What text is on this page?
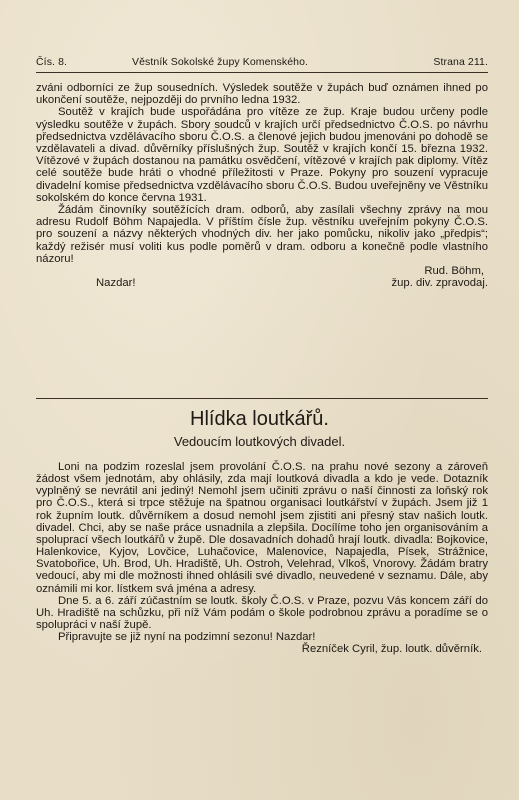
Čís. 8.	Věstník Sokolské župy Komenského.	Strana 211.

zváni odborníci ze žup sousedních. Výsledek soutěže v župách buď oznámen ihned po ukončení soutěže, nejpozději do prvního ledna 1932.

Soutěž v krajích bude uspořádána pro vítěze ze žup. Kraje budou určeny podle výsledku soutěže v župách. Sbory soudců v krajích určí předsednictvo Č.O.S. po návrhu předsednictva vzdělávacího sboru Č.O.S. a členové jejich budou jmenováni po dohodě se vzdělavateli a divad. důvěrníky příslušných žup. Soutěž v krajích končí 15. března 1932. Vítězové v župách dostanou na památku osvědčení, vítězové v krajích pak diplomy. Vítěz celé soutěže bude hráti o vhodné příležitosti v Praze. Pokyny pro souzení vypracuje divadelní komise předsednictva vzdělávacího sboru Č.O.S. Budou uveřejněny ve Věstníku sokolském do konce června 1931.

Žádám činovníky soutěžících dram. odborů, aby zasílali všechny zprávy na mou adresu Rudolf Böhm Napajedla. V příštím čísle žup. věstníku uveřejním pokyny Č.O.S. pro souzení a názvy některých vhodných div. her jako pomůcku, nikoliv jako „předpis“; každý režisér musí voliti kus podle poměrů v dram. odboru a konečně podle vlastního názoru!

Rud. Böhm,
Nazdar!	žup. div. zpravodaj.
Hlídka loutkářů.
Vedoucím loutkových divadel.

Loni na podzim rozeslal jsem provolání Č.O.S. na prahu nové sezony a zároveň žádost všem jednotám, aby ohlásily, zda mají loutková divadla a kdo je vede. Dotazník vyplněný se nevrátil ani jediný! Nemohl jsem učiniti zprávu o naší činnosti za loňský rok pro Č.O.S., která si trpce stěžuje na špatnou organisaci loutkářství v župách. Jsem již 1 rok župním loutk. důvěrníkem a dosud nemohl jsem zjistiti ani přesný stav našich loutk. divadel. Chci, aby se naše práce usnadnila a zlepšila. Docílíme toho jen organisováním a spoluprací všech loutkářů v župě. Dle dosavadních dohadů hrají loutk. divadla: Bojkovice, Halenkovice, Kyjov, Lovčice, Luhačovice, Malenovice, Napajedla, Písek, Strážnice, Svatobořice, Uh. Brod, Uh. Hradiště, Uh. Ostroh, Velehrad, Vlkoš, Vnorovy. Žádám bratry vedoucí, aby mi dle možnosti ihned ohlásili své divadlo, neuvedené v seznamu. Dále, aby oznámili mi kor. lístkem svá jména a adresy.

Dne 5. a 6. září zúčastním se loutk. školy Č.O.S. v Praze, pozvu Vás koncem září do Uh. Hradiště na schůzku, při níž Vám podám o škole podrobnou zprávu a poradíme se o spolupráci v naší župě.

Připravujte se již nyní na podzimní sezonu! Nazdar!

Řezníček Cyril, žup. loutk. důvěrník.
